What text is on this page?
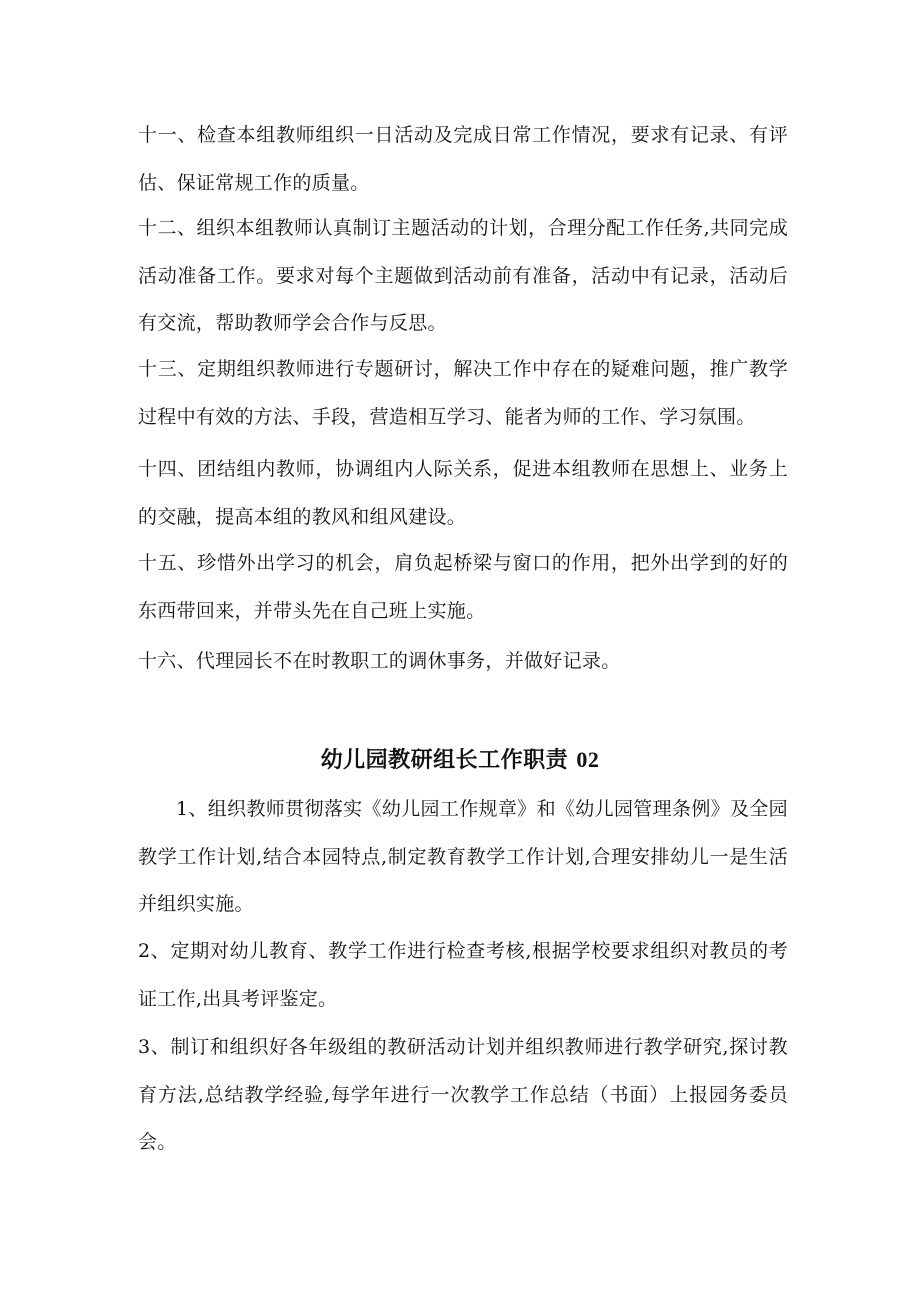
十一、检查本组教师组织一日活动及完成日常工作情况，要求有记录、有评估、保证常规工作的质量。

十二、组织本组教师认真制订主题活动的计划，合理分配工作任务,共同完成活动准备工作。要求对每个主题做到活动前有准备，活动中有记录，活动后有交流，帮助教师学会合作与反思。

十三、定期组织教师进行专题研讨，解决工作中存在的疑难问题，推广教学过程中有效的方法、手段，营造相互学习、能者为师的工作、学习氛围。

十四、团结组内教师，协调组内人际关系，促进本组教师在思想上、业务上的交融，提高本组的教风和组风建设。

十五、珍惜外出学习的机会，肩负起桥梁与窗口的作用，把外出学到的好的东西带回来，并带头先在自己班上实施。

十六、代理园长不在时教职工的调休事务，并做好记录。

幼儿园教研组长工作职责 02

1、组织教师贯彻落实《幼儿园工作规章》和《幼儿园管理条例》及全园教学工作计划,结合本园特点,制定教育教学工作计划,合理安排幼儿一是生活并组织实施。

2、定期对幼儿教育、教学工作进行检查考核,根据学校要求组织对教员的考证工作,出具考评鉴定。

3、制订和组织好各年级组的教研活动计划并组织教师进行教学研究,探讨教育方法,总结教学经验,每学年进行一次教学工作总结（书面）上报园务委员会。
